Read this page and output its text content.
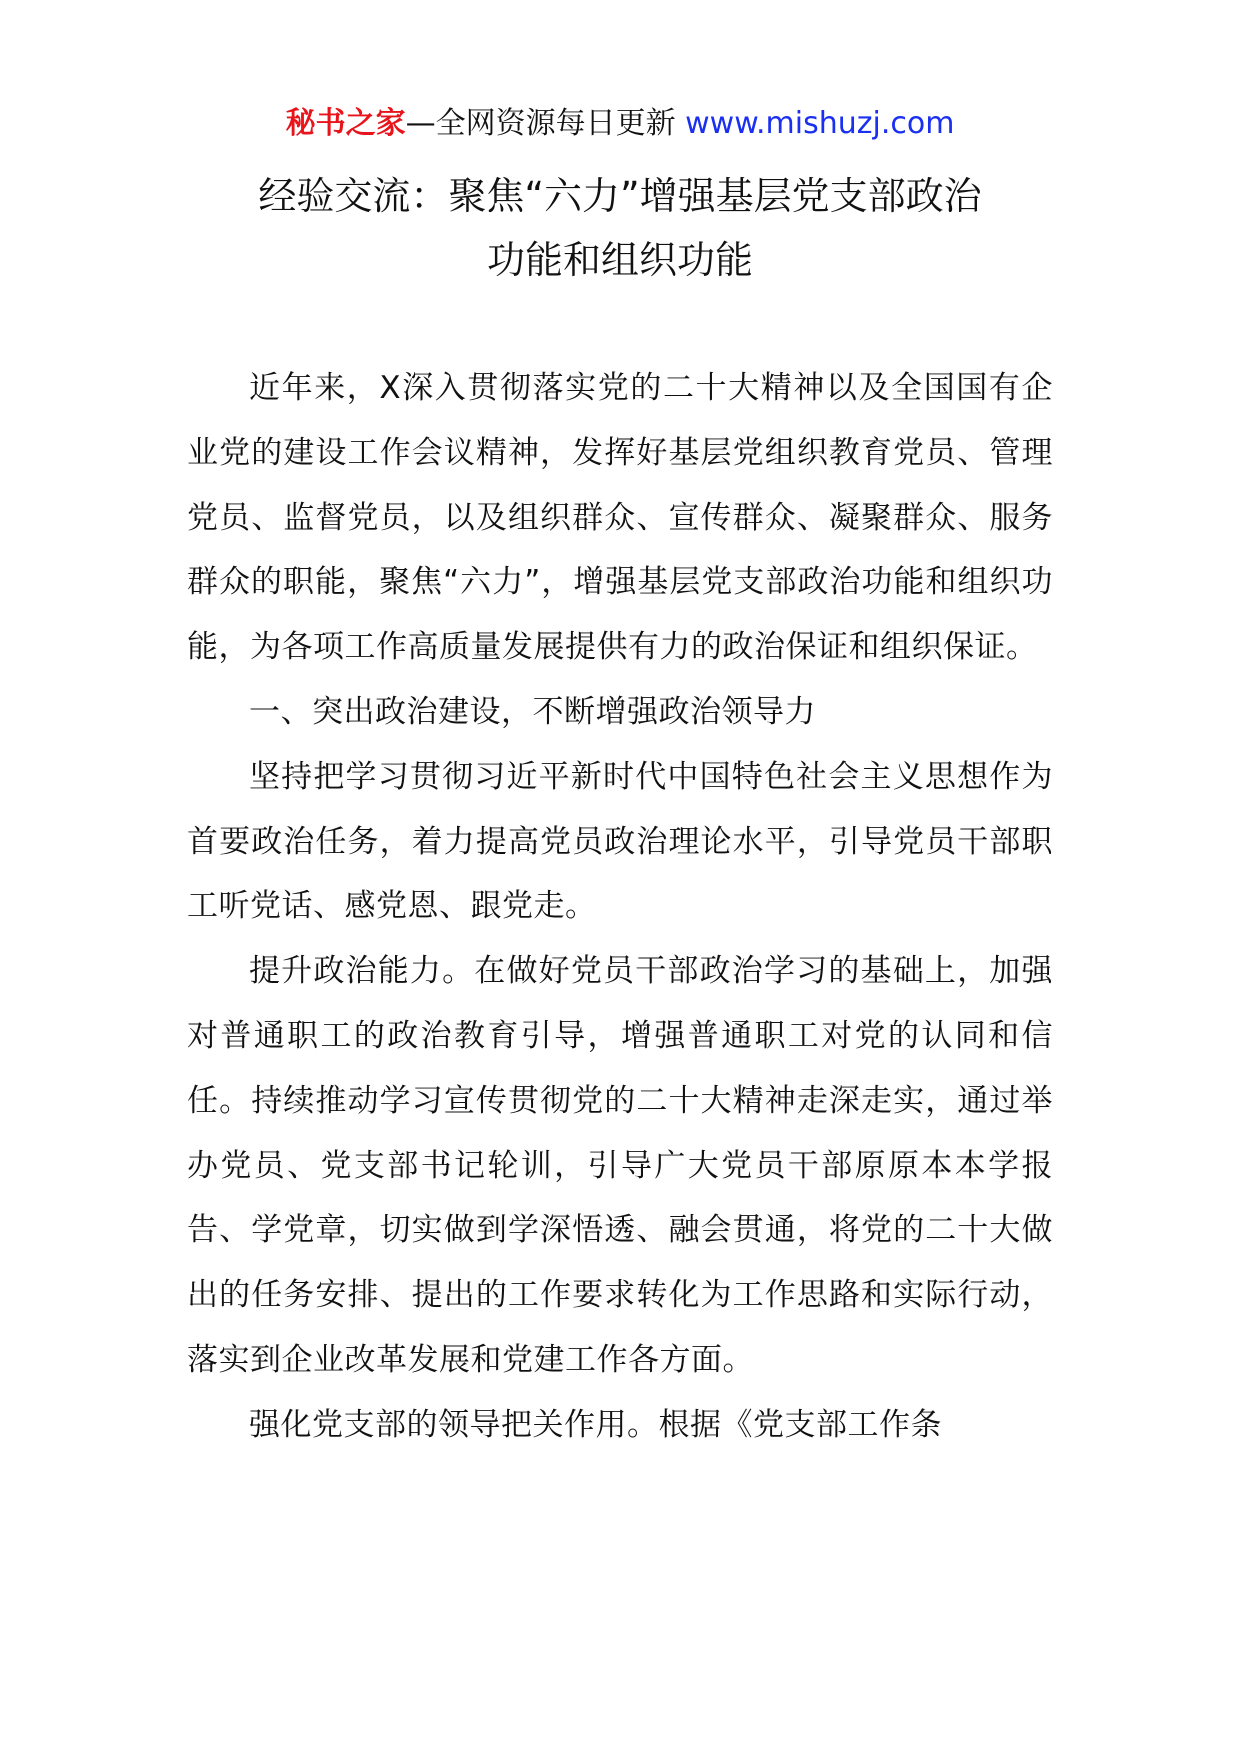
秘书之家—全网资源每日更新 www.mishuzj.com
经验交流：聚焦“六力”增强基层党支部政治
功能和组织功能

近年来，X深入贯彻落实党的二十大精神以及全国国有企业党的建设工作会议精神，发挥好基层党组织教育党员、管理党员、监督党员，以及组织群众、宣传群众、凝聚群众、服务群众的职能，聚焦“六力”，增强基层党支部政治功能和组织功能，为各项工作高质量发展提供有力的政治保证和组织保证。

一、突出政治建设，不断增强政治领导力

坚持把学习贯彻习近平新时代中国特色社会主义思想作为首要政治任务，着力提高党员政治理论水平，引导党员干部职工听党话、感党恩、跟党走。

提升政治能力。在做好党员干部政治学习的基础上，加强对普通职工的政治教育引导，增强普通职工对党的认同和信任。持续推动学习宣传贯彻党的二十大精神走深走实，通过举办党员、党支部书记轮训，引导广大党员干部原原本本学报告、学党章，切实做到学深悟透、融会贯通，将党的二十大做出的任务安排、提出的工作要求转化为工作思路和实际行动，落实到企业改革发展和党建工作各方面。

强化党支部的领导把关作用。根据《党支部工作条
